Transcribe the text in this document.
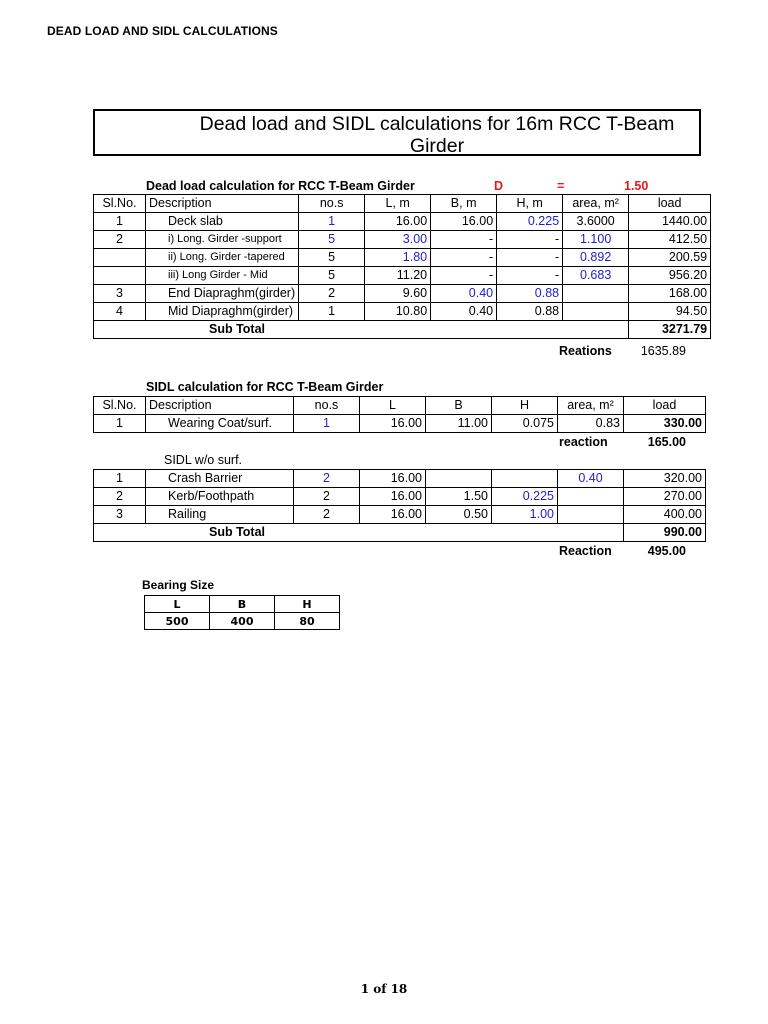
DEAD LOAD AND SIDL CALCULATIONS
Dead load and SIDL calculations for 16m RCC T-Beam Girder
Dead load calculation for RCC T-Beam Girder	D	=	1.50
Sl.No.	Description	no.s	L, m	B, m	H, m	area, m²	load
1	Deck slab	1	16.00	16.00	0.225	3.6000	1440.00
2	i) Long. Girder -support	5	3.00	-	-	1.100	412.50
	ii) Long. Girder -tapered	5	1.80	-	-	0.892	200.59
	iii) Long Girder - Mid	5	11.20	-	-	0.683	956.20
3	End Diapraghm(girder)	2	9.60	0.40	0.88		168.00
4	Mid Diapraghm(girder)	1	10.80	0.40	0.88		94.50
Sub Total							3271.79
Reations	1635.89
SIDL calculation for RCC T-Beam Girder
Sl.No.	Description	no.s	L	B	H	area, m²	load
1	Wearing Coat/surf.	1	16.00	11.00	0.075	0.83	330.00
reaction	165.00
SIDL w/o surf.
1	Crash Barrier	2	16.00			0.40	320.00
2	Kerb/Foothpath	2	16.00	1.50	0.225		270.00
3	Railing	2	16.00	0.50	1.00		400.00
Sub Total							990.00
Reaction	495.00
Bearing Size
L	B	H
500	400	80
1 of 18
